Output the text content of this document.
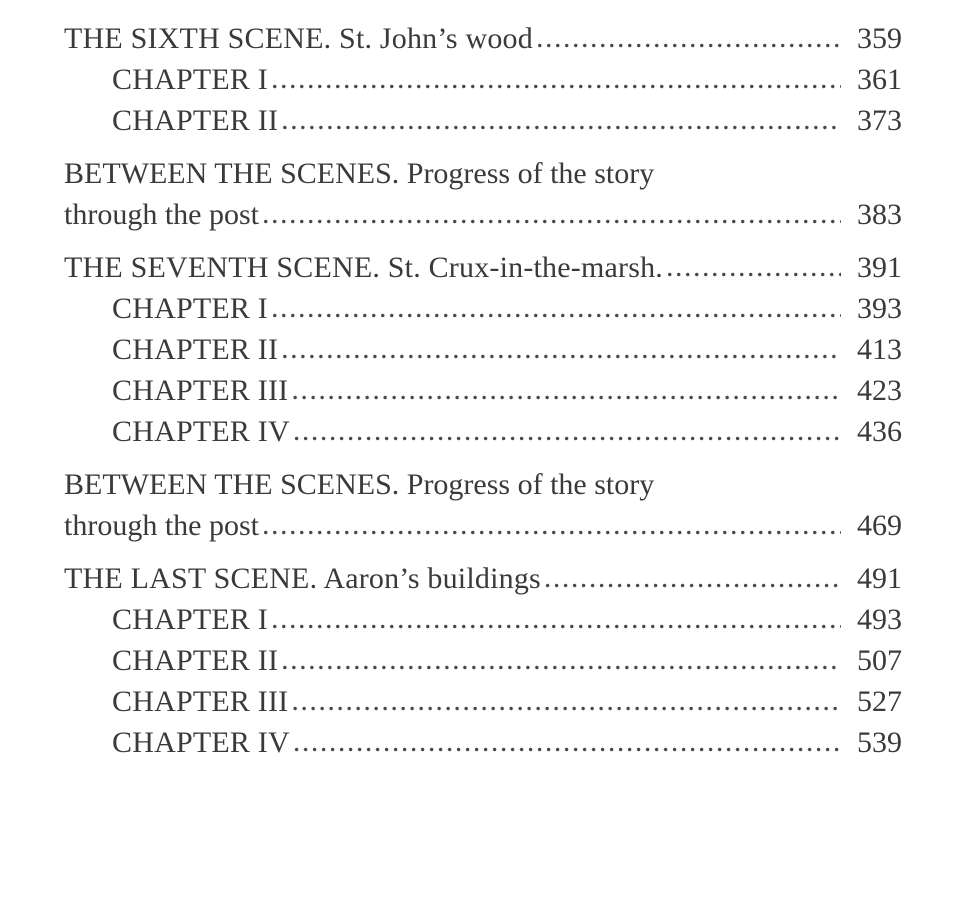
THE SIXTH SCENE. St. John’s wood . . .	359
CHAPTER I . . .	361
CHAPTER II . . .	373
BETWEEN THE SCENES. Progress of the story
through the post . . .	383
THE SEVENTH SCENE. St. Crux-in-the-marsh. . . .	391
CHAPTER I . . .	393
CHAPTER II . . .	413
CHAPTER III . . .	423
CHAPTER IV . . .	436
BETWEEN THE SCENES. Progress of the story
through the post . . .	469
THE LAST SCENE. Aaron’s buildings . . .	491
CHAPTER I . . .	493
CHAPTER II . . .	507
CHAPTER III . . .	527
CHAPTER IV . . .	539
